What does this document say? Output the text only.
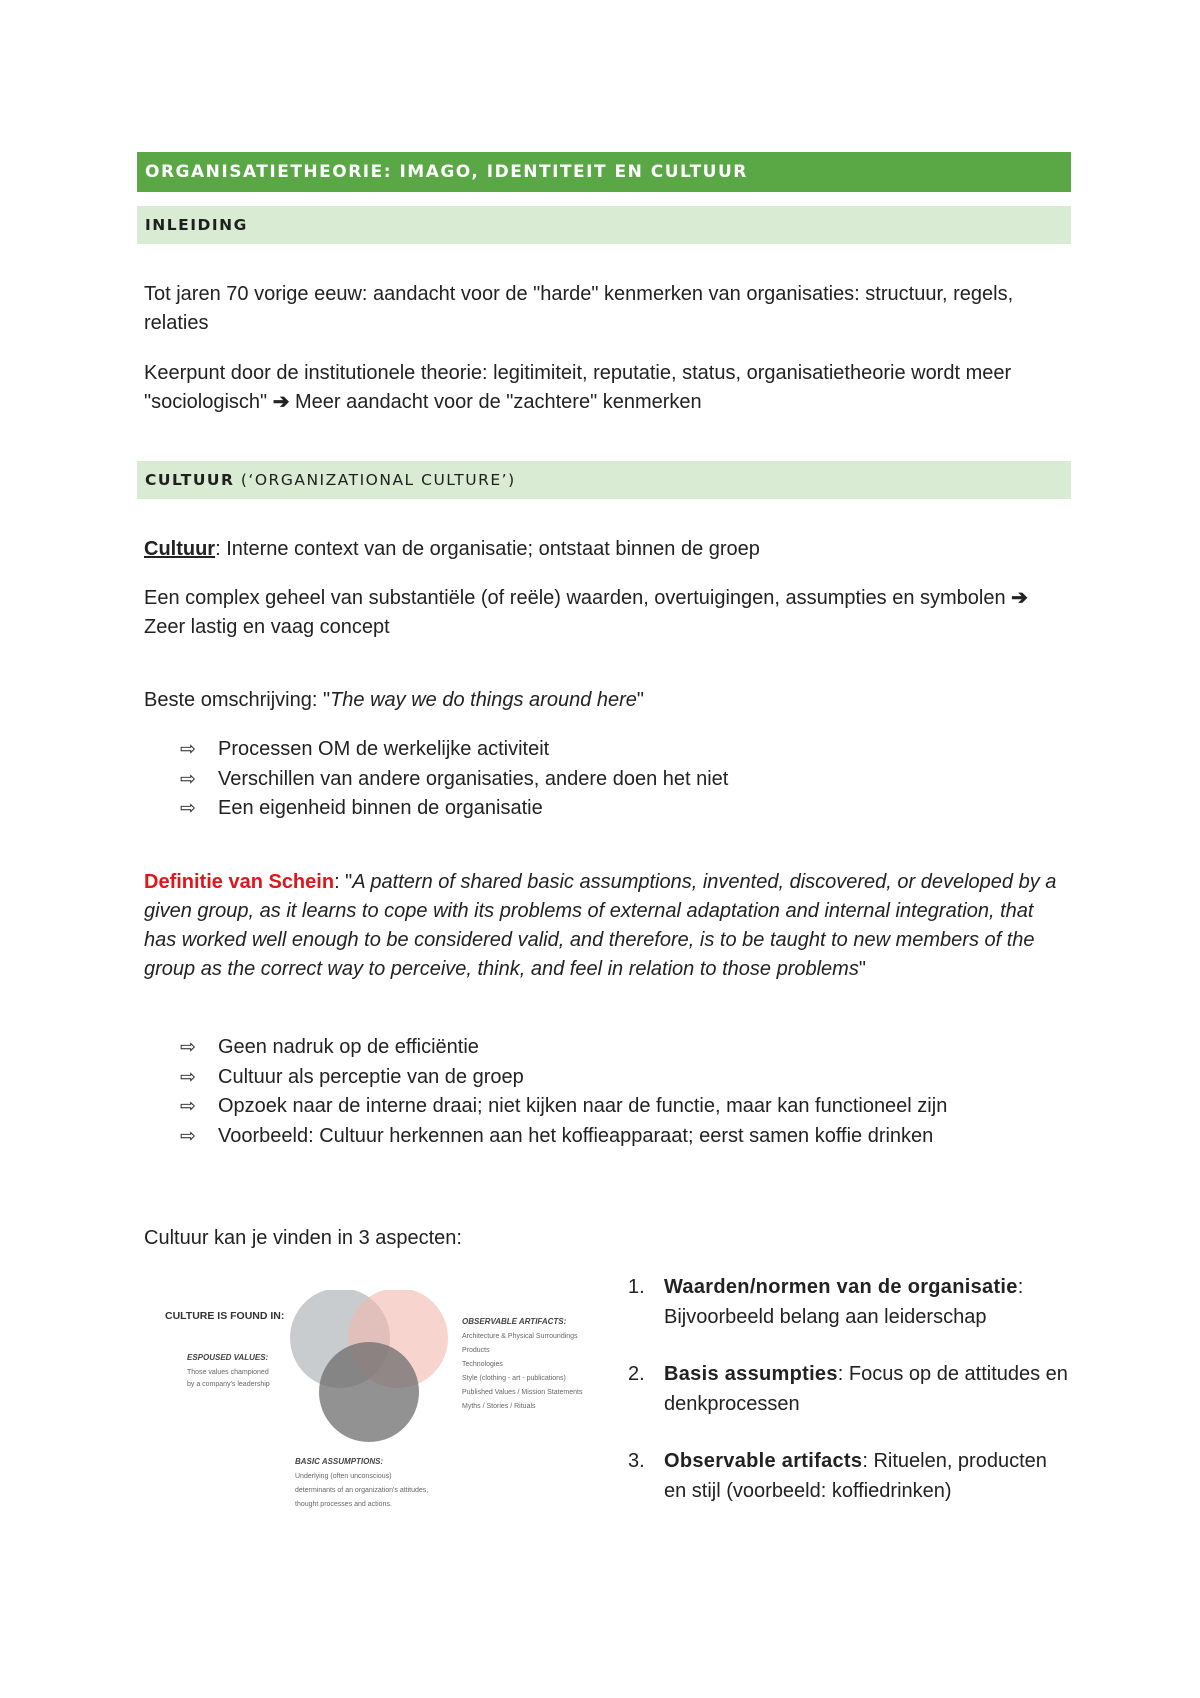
ORGANISATIETHEORIE: IMAGO, IDENTITEIT EN CULTUUR
INLEIDING

Tot jaren 70 vorige eeuw: aandacht voor de "harde" kenmerken van organisaties: structuur, regels, relaties

Keerpunt door de institutionele theorie: legitimiteit, reputatie, status, organisatietheorie wordt meer "sociologisch" ➔ Meer aandacht voor de "zachtere" kenmerken

CULTUUR (‘ORGANIZATIONAL CULTURE’)

Cultuur: Interne context van de organisatie; ontstaat binnen de groep

Een complex geheel van substantiële (of reële) waarden, overtuigingen, assumpties en symbolen ➔ Zeer lastig en vaag concept

Beste omschrijving: "The way we do things around here"

⇨ Processen OM de werkelijke activiteit
⇨ Verschillen van andere organisaties, andere doen het niet
⇨ Een eigenheid binnen de organisatie

Definitie van Schein: "A pattern of shared basic assumptions, invented, discovered, or developed by a given group, as it learns to cope with its problems of external adaptation and internal integration, that has worked well enough to be considered valid, and therefore, is to be taught to new members of the group as the correct way to perceive, think, and feel in relation to those problems"

⇨ Geen nadruk op de efficiëntie
⇨ Cultuur als perceptie van de groep
⇨ Opzoek naar de interne draai; niet kijken naar de functie, maar kan functioneel zijn
⇨ Voorbeeld: Cultuur herkennen aan het koffieapparaat; eerst samen koffie drinken

Cultuur kan je vinden in 3 aspecten:

CULTURE IS FOUND IN:
ESPOUSED VALUES:
Those values championed
by a company's leadership
OBSERVABLE ARTIFACTS:
Architecture & Physical Surroundings
Products
Technologies
Style (clothing - art - publications)
Published Values / Mission Statements
Myths / Stories / Rituals
BASIC ASSUMPTIONS:
Underlying (often unconscious)
determinants of an organization's attitudes,
thought processes and actions.
1. Waarden/normen van de organisatie: Bijvoorbeeld belang aan leiderschap
2. Basis assumpties: Focus op de attitudes en denkprocessen
3. Observable artifacts: Rituelen, producten en stijl (voorbeeld: koffiedrinken)
